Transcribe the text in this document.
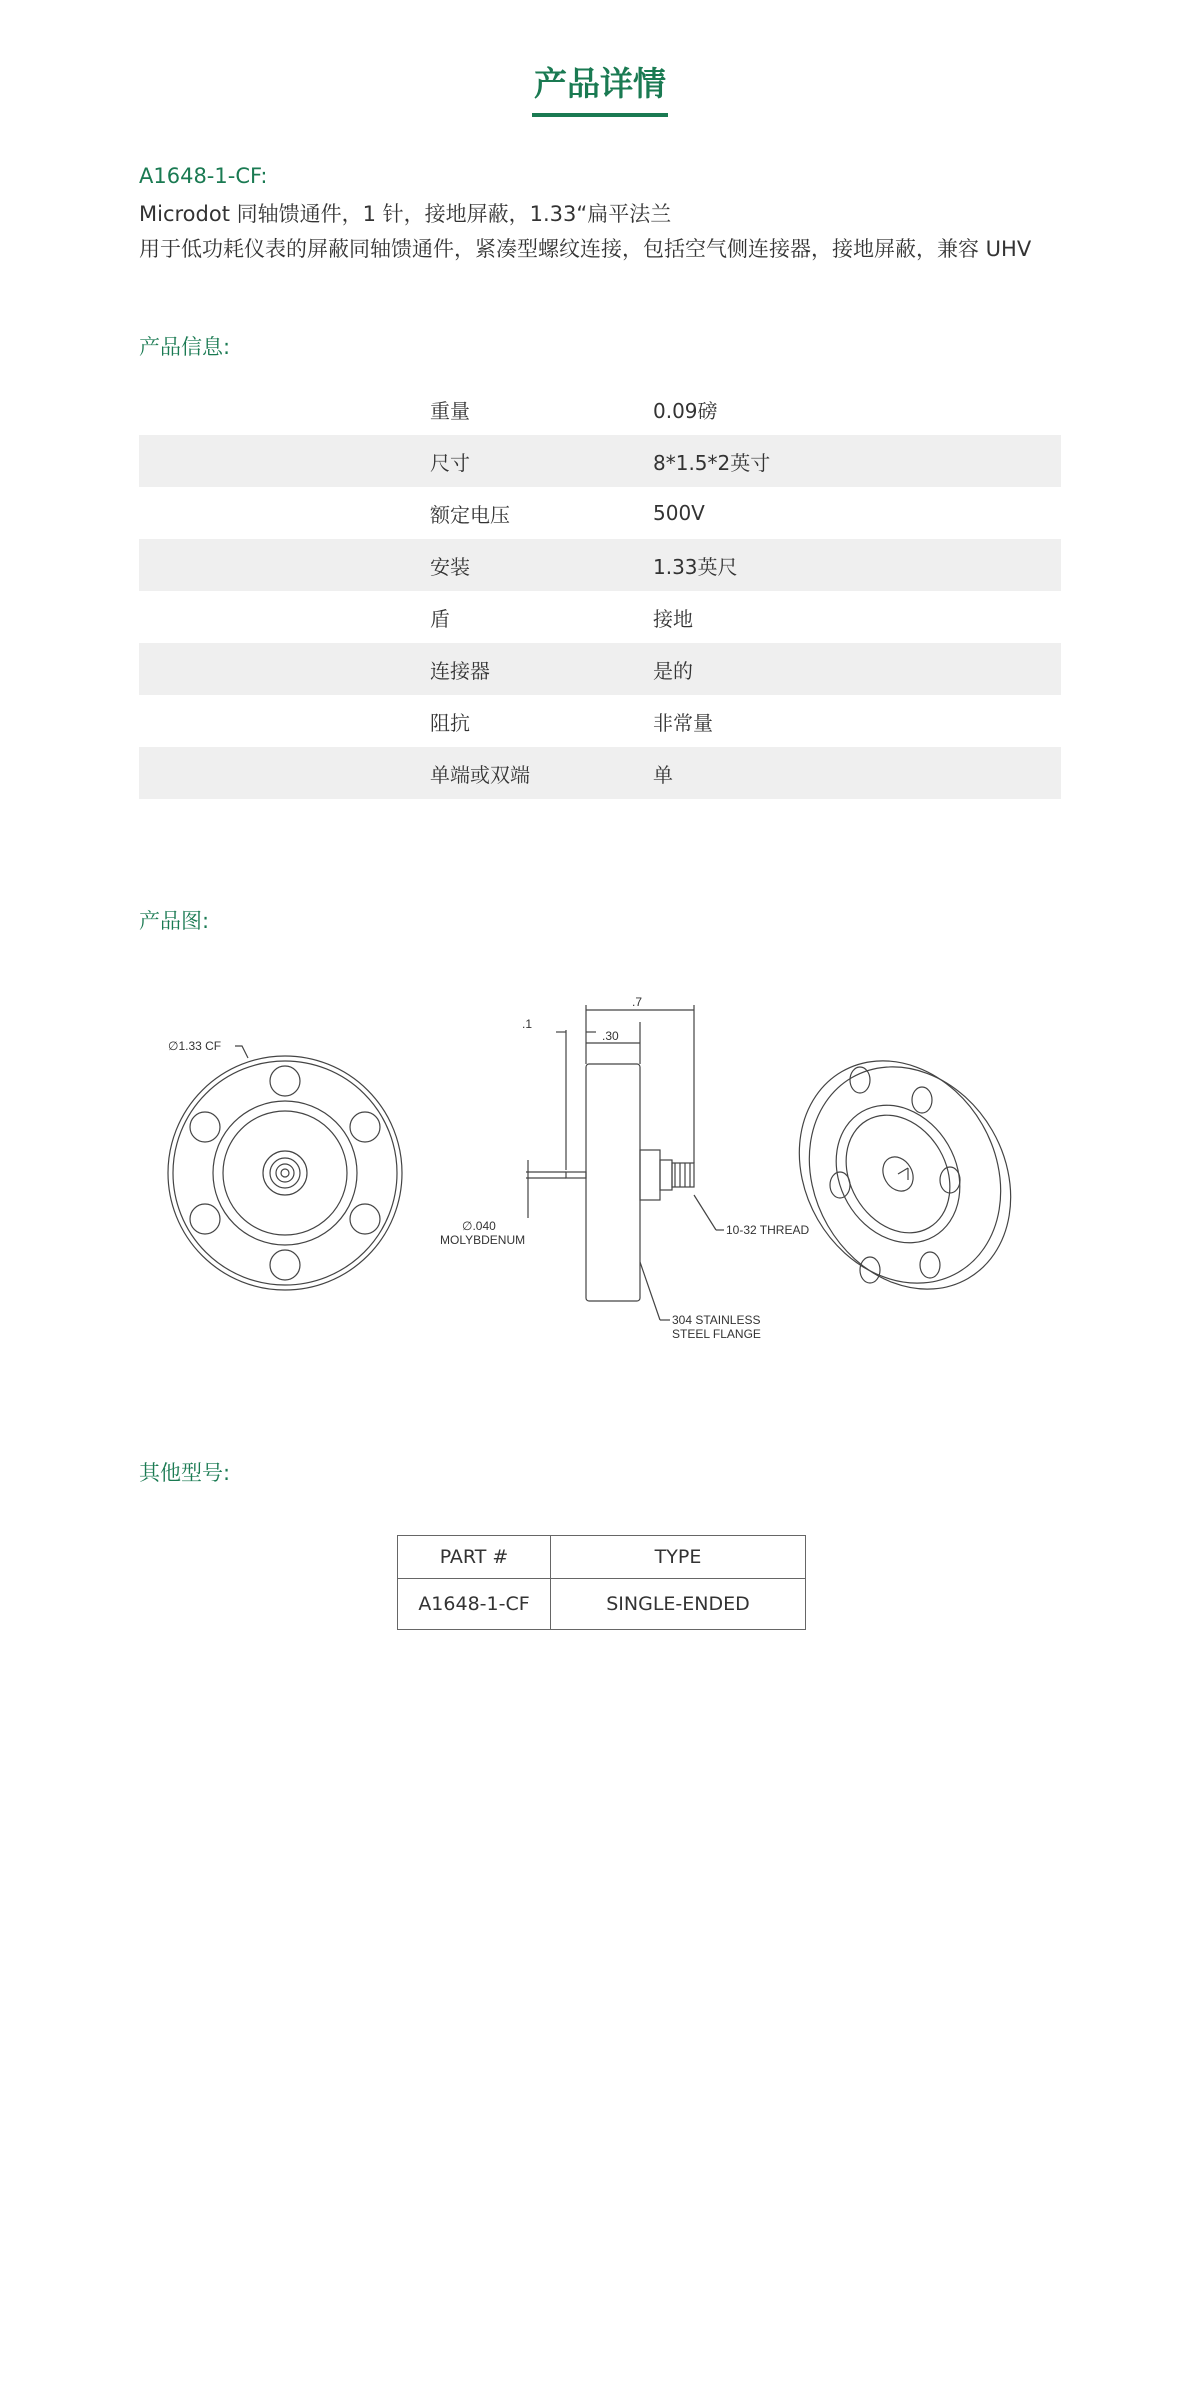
产品详情
A1648-1-CF:
Microdot 同轴馈通件，1 针，接地屏蔽，1.33“扁平法兰
用于低功耗仪表的屏蔽同轴馈通件，紧凑型螺纹连接，包括空气侧连接器，接地屏蔽，兼容 UHV
产品信息:
重量	0.09磅
尺寸	8*1.5*2英寸
额定电压	500V
安装	1.33英尺
盾	接地
连接器	是的
阻抗	非常量
单端或双端	单
产品图:
∅1.33 CF
.1
.7
.30
∅.040
MOLYBDENUM
10-32 THREAD
304 STAINLESS
STEEL FLANGE
其他型号:
PART #	TYPE
A1648-1-CF	SINGLE-ENDED
